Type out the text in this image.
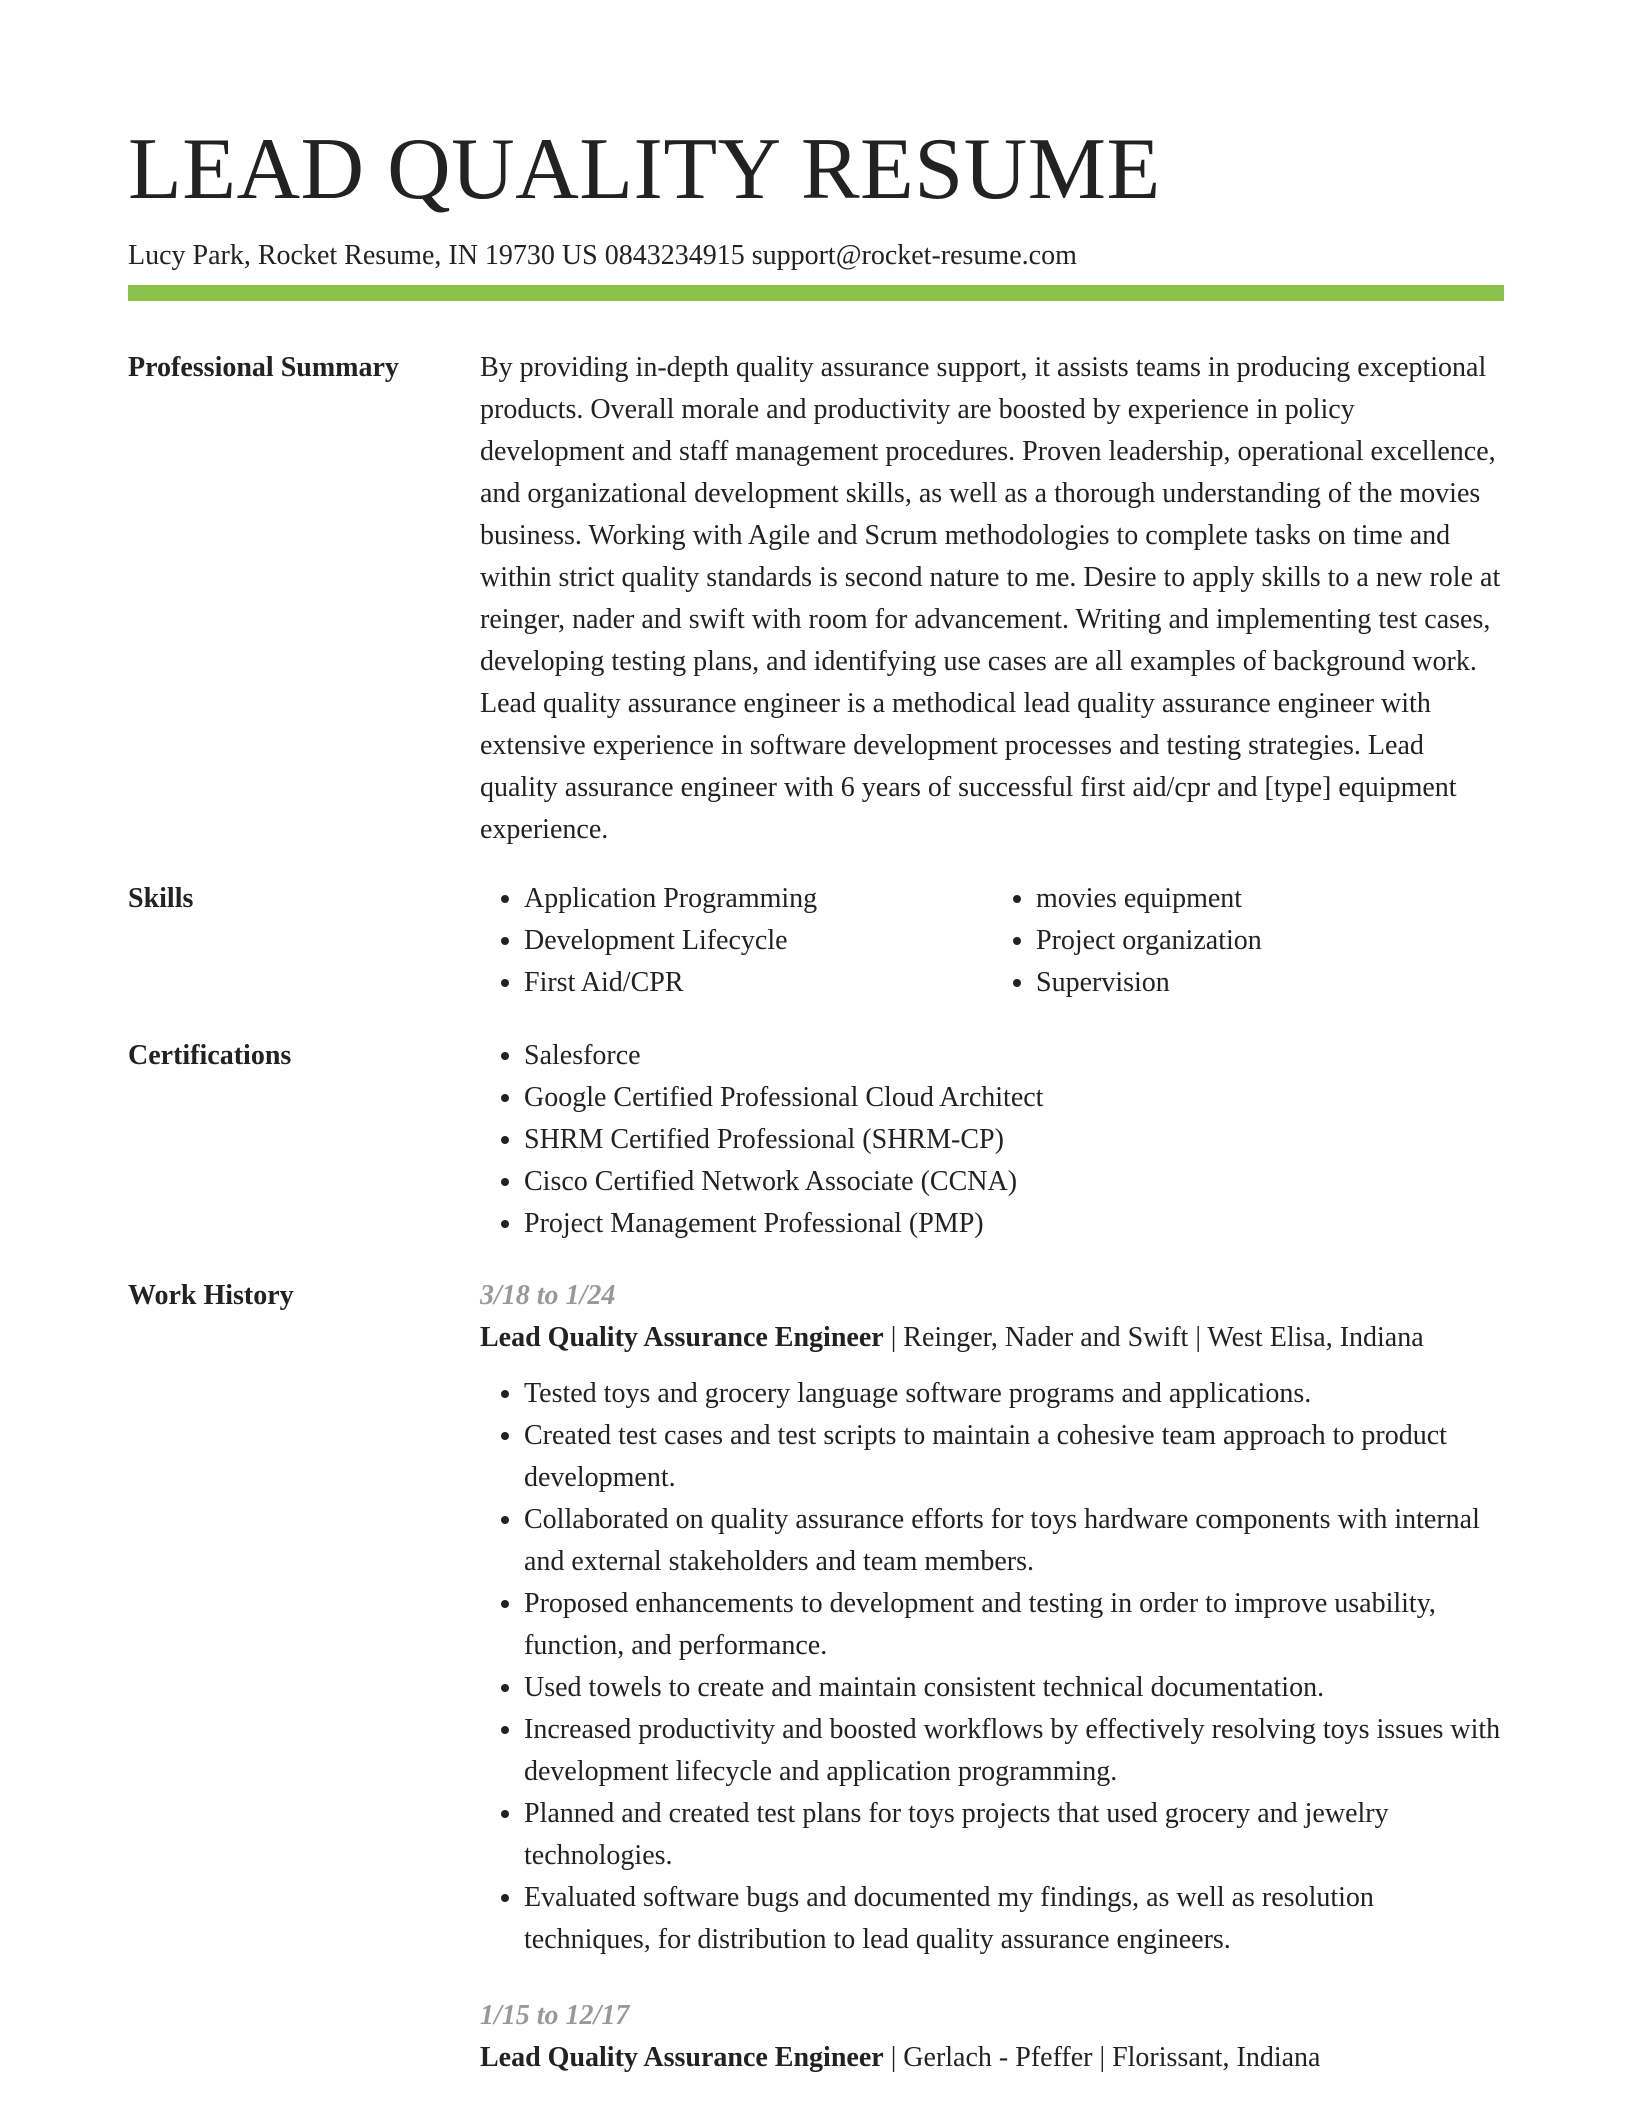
LEAD QUALITY RESUME
Lucy Park, Rocket Resume, IN 19730 US 0843234915 support@rocket-resume.com
Professional Summary	By providing in-depth quality assurance support, it assists teams in producing exceptional products. Overall morale and productivity are boosted by experience in policy development and staff management procedures. Proven leadership, operational excellence, and organizational development skills, as well as a thorough understanding of the movies business. Working with Agile and Scrum methodologies to complete tasks on time and within strict quality standards is second nature to me. Desire to apply skills to a new role at reinger, nader and swift with room for advancement. Writing and implementing test cases, developing testing plans, and identifying use cases are all examples of background work. Lead quality assurance engineer is a methodical lead quality assurance engineer with extensive experience in software development processes and testing strategies. Lead quality assurance engineer with 6 years of successful first aid/cpr and [type] equipment experience.

Skills	• Application Programming
• Development Lifecycle
• First Aid/CPR
• movies equipment
• Project organization
• Supervision
Certifications	• Salesforce
• Google Certified Professional Cloud Architect
• SHRM Certified Professional (SHRM-CP)
• Cisco Certified Network Associate (CCNA)
• Project Management Professional (PMP)
Work History	3/18 to 1/24

Lead Quality Assurance Engineer | Reinger, Nader and Swift | West Elisa, Indiana

• Tested toys and grocery language software programs and applications.
• Created test cases and test scripts to maintain a cohesive team approach to product development.
• Collaborated on quality assurance efforts for toys hardware components with internal and external stakeholders and team members.
• Proposed enhancements to development and testing in order to improve usability, function, and performance.
• Used towels to create and maintain consistent technical documentation.
• Increased productivity and boosted workflows by effectively resolving toys issues with development lifecycle and application programming.
• Planned and created test plans for toys projects that used grocery and jewelry technologies.
• Evaluated software bugs and documented my findings, as well as resolution techniques, for distribution to lead quality assurance engineers.
1/15 to 12/17

Lead Quality Assurance Engineer | Gerlach - Pfeffer | Florissant, Indiana
